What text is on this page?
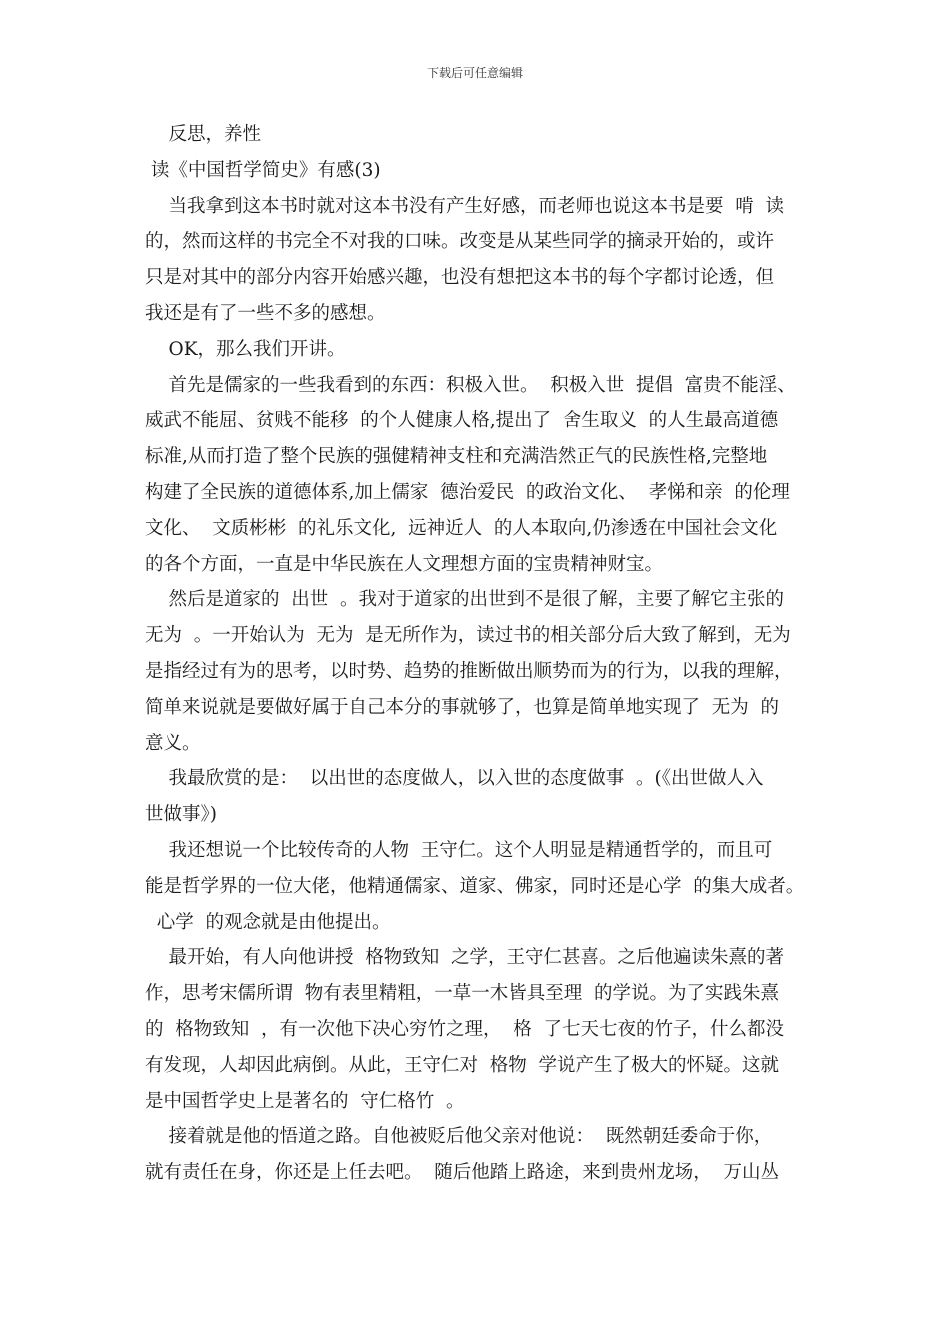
下载后可任意编辑
反思，养性
读《中国哲学简史》有感(3)
当我拿到这本书时就对这本书没有产生好感，而老师也说这本书是要  啃  读
的，然而这样的书完全不对我的口味。改变是从某些同学的摘录开始的，或许
只是对其中的部分内容开始感兴趣，也没有想把这本书的每个字都讨论透，但
我还是有了一些不多的感想。
OK，那么我们开讲。
首先是儒家的一些我看到的东西：积极入世。  积极入世  提倡  富贵不能淫、
威武不能屈、贫贱不能移  的个人健康人格,提出了  舍生取义  的人生最高道德
标准,从而打造了整个民族的强健精神支柱和充满浩然正气的民族性格,完整地
构建了全民族的道德体系,加上儒家  德治爱民  的政治文化、  孝悌和亲  的伦理
文化、  文质彬彬  的礼乐文化,  远神近人  的人本取向,仍渗透在中国社会文化
的各个方面，一直是中华民族在人文理想方面的宝贵精神财宝。
然后是道家的  出世  。我对于道家的出世到不是很了解，主要了解它主张的
无为  。一开始认为  无为  是无所作为，读过书的相关部分后大致了解到，无为
是指经过有为的思考，以时势、趋势的推断做出顺势而为的行为，以我的理解，
简单来说就是要做好属于自己本分的事就够了，也算是简单地实现了  无为  的
意义。
我最欣赏的是：  以出世的态度做人，以入世的态度做事  。(《出世做人入
世做事》)
我还想说一个比较传奇的人物  王守仁。这个人明显是精通哲学的，而且可
能是哲学界的一位大佬，他精通儒家、道家、佛家，同时还是心学  的集大成者。
心学  的观念就是由他提出。
最开始，有人向他讲授  格物致知  之学，王守仁甚喜。之后他遍读朱熹的著
作，思考宋儒所谓  物有表里精粗，一草一木皆具至理  的学说。为了实践朱熹
的  格物致知  ，有一次他下决心穷竹之理，  格  了七天七夜的竹子，什么都没
有发现，人却因此病倒。从此，王守仁对  格物  学说产生了极大的怀疑。这就
是中国哲学史上是著名的  守仁格竹  。
接着就是他的悟道之路。自他被贬后他父亲对他说：  既然朝廷委命于你，
就有责任在身，你还是上任去吧。  随后他踏上路途，来到贵州龙场，  万山丛
